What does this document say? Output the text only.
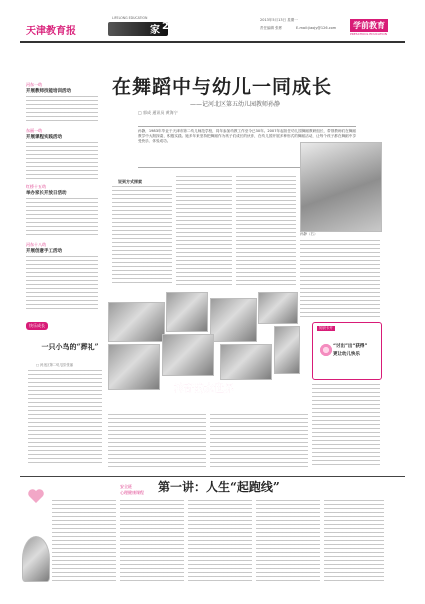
天津教育报	家 2
LIFELONG EDUCATION	2013年5月13日 星期一
责任编辑 张彬	E-mail:jiaojy@126.com	学前教育
PRESCHOOL EDUCATION
河东一幼
开展教师技能培训活动
东丽一幼
开展课程实践活动
红桥十五幼
举办家长开放日活动
河东十八幼
开展创意手工活动
在舞蹈中与幼儿一同成长
——记河北区第五幼儿园教师孙静
□ 郭成 通讯员 黄海宁
孙静，1983年毕业于天津市第二幼儿师范学校，同年参加幼教工作至今已30年。2007年起担任幼儿园舞蹈教研组长，带领教师们在舞蹈教学中大胆探索，积极实践。她多年来坚持把舞蹈作为孩子们成长的伙伴，在幼儿园开展多种形式的舞蹈活动，让每个孩子都在舞蹈中享受快乐、体验成功。
说到方式探索
孙静（右）
快乐成长
一只小鸟的“葬礼”
□ 河北区第二幼儿园 张丽
神奇的水世界
知识卡片
“讨出”出“获得”
更让幼儿快乐
安全班
心理健康课程 第一讲：人生“起跑线”
